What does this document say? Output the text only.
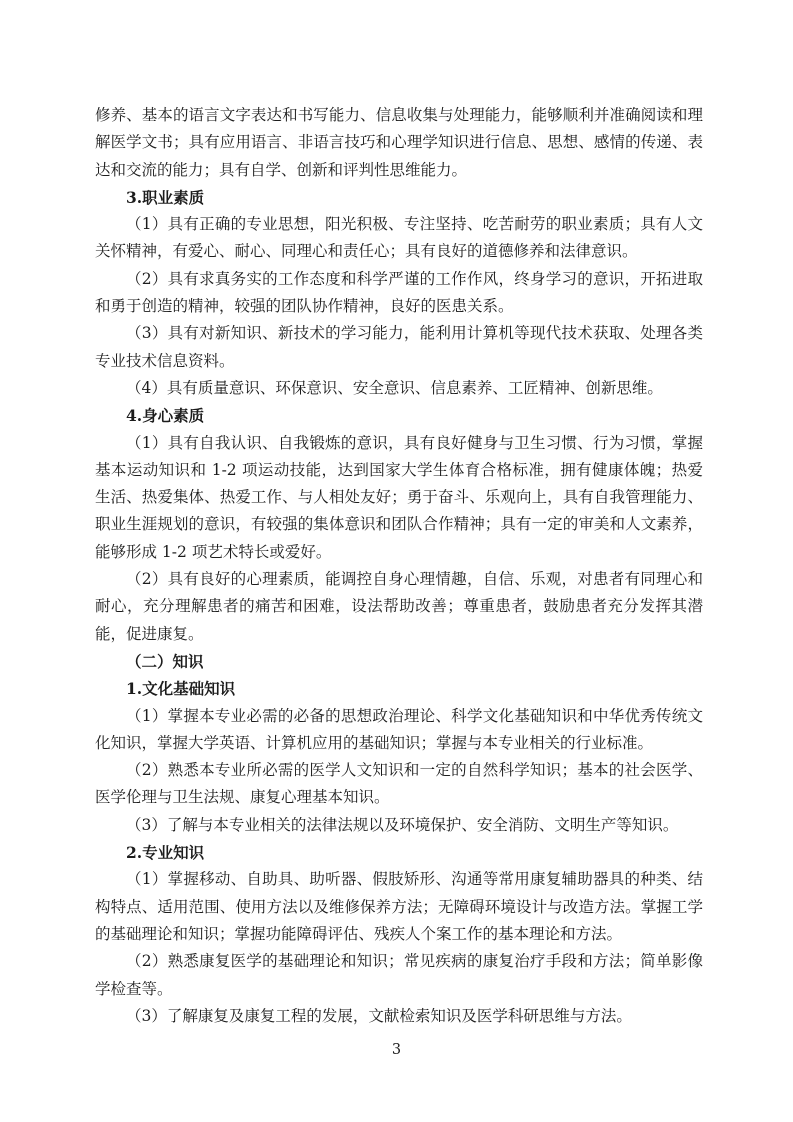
修养、基本的语言文字表达和书写能力、信息收集与处理能力，能够顺利并准确阅读和理解医学文书；具有应用语言、非语言技巧和心理学知识进行信息、思想、感情的传递、表达和交流的能力；具有自学、创新和评判性思维能力。

3.职业素质

（1）具有正确的专业思想，阳光积极、专注坚持、吃苦耐劳的职业素质；具有人文关怀精神，有爱心、耐心、同理心和责任心；具有良好的道德修养和法律意识。

（2）具有求真务实的工作态度和科学严谨的工作作风，终身学习的意识，开拓进取和勇于创造的精神，较强的团队协作精神，良好的医患关系。

（3）具有对新知识、新技术的学习能力，能利用计算机等现代技术获取、处理各类专业技术信息资料。

（4）具有质量意识、环保意识、安全意识、信息素养、工匠精神、创新思维。

4.身心素质

（1）具有自我认识、自我锻炼的意识，具有良好健身与卫生习惯、行为习惯，掌握基本运动知识和 1-2 项运动技能，达到国家大学生体育合格标准，拥有健康体魄；热爱生活、热爱集体、热爱工作、与人相处友好；勇于奋斗、乐观向上，具有自我管理能力、职业生涯规划的意识，有较强的集体意识和团队合作精神；具有一定的审美和人文素养，能够形成 1-2 项艺术特长或爱好。

（2）具有良好的心理素质，能调控自身心理情趣，自信、乐观，对患者有同理心和耐心，充分理解患者的痛苦和困难，设法帮助改善；尊重患者，鼓励患者充分发挥其潜能，促进康复。

（二）知识

1.文化基础知识

（1）掌握本专业必需的必备的思想政治理论、科学文化基础知识和中华优秀传统文化知识，掌握大学英语、计算机应用的基础知识；掌握与本专业相关的行业标准。

（2）熟悉本专业所必需的医学人文知识和一定的自然科学知识；基本的社会医学、医学伦理与卫生法规、康复心理基本知识。

（3）了解与本专业相关的法律法规以及环境保护、安全消防、文明生产等知识。

2.专业知识

（1）掌握移动、自助具、助听器、假肢矫形、沟通等常用康复辅助器具的种类、结构特点、适用范围、使用方法以及维修保养方法；无障碍环境设计与改造方法。掌握工学的基础理论和知识；掌握功能障碍评估、残疾人个案工作的基本理论和方法。

（2）熟悉康复医学的基础理论和知识；常见疾病的康复治疗手段和方法；简单影像学检查等。

（3）了解康复及康复工程的发展，文献检索知识及医学科研思维与方法。

3
